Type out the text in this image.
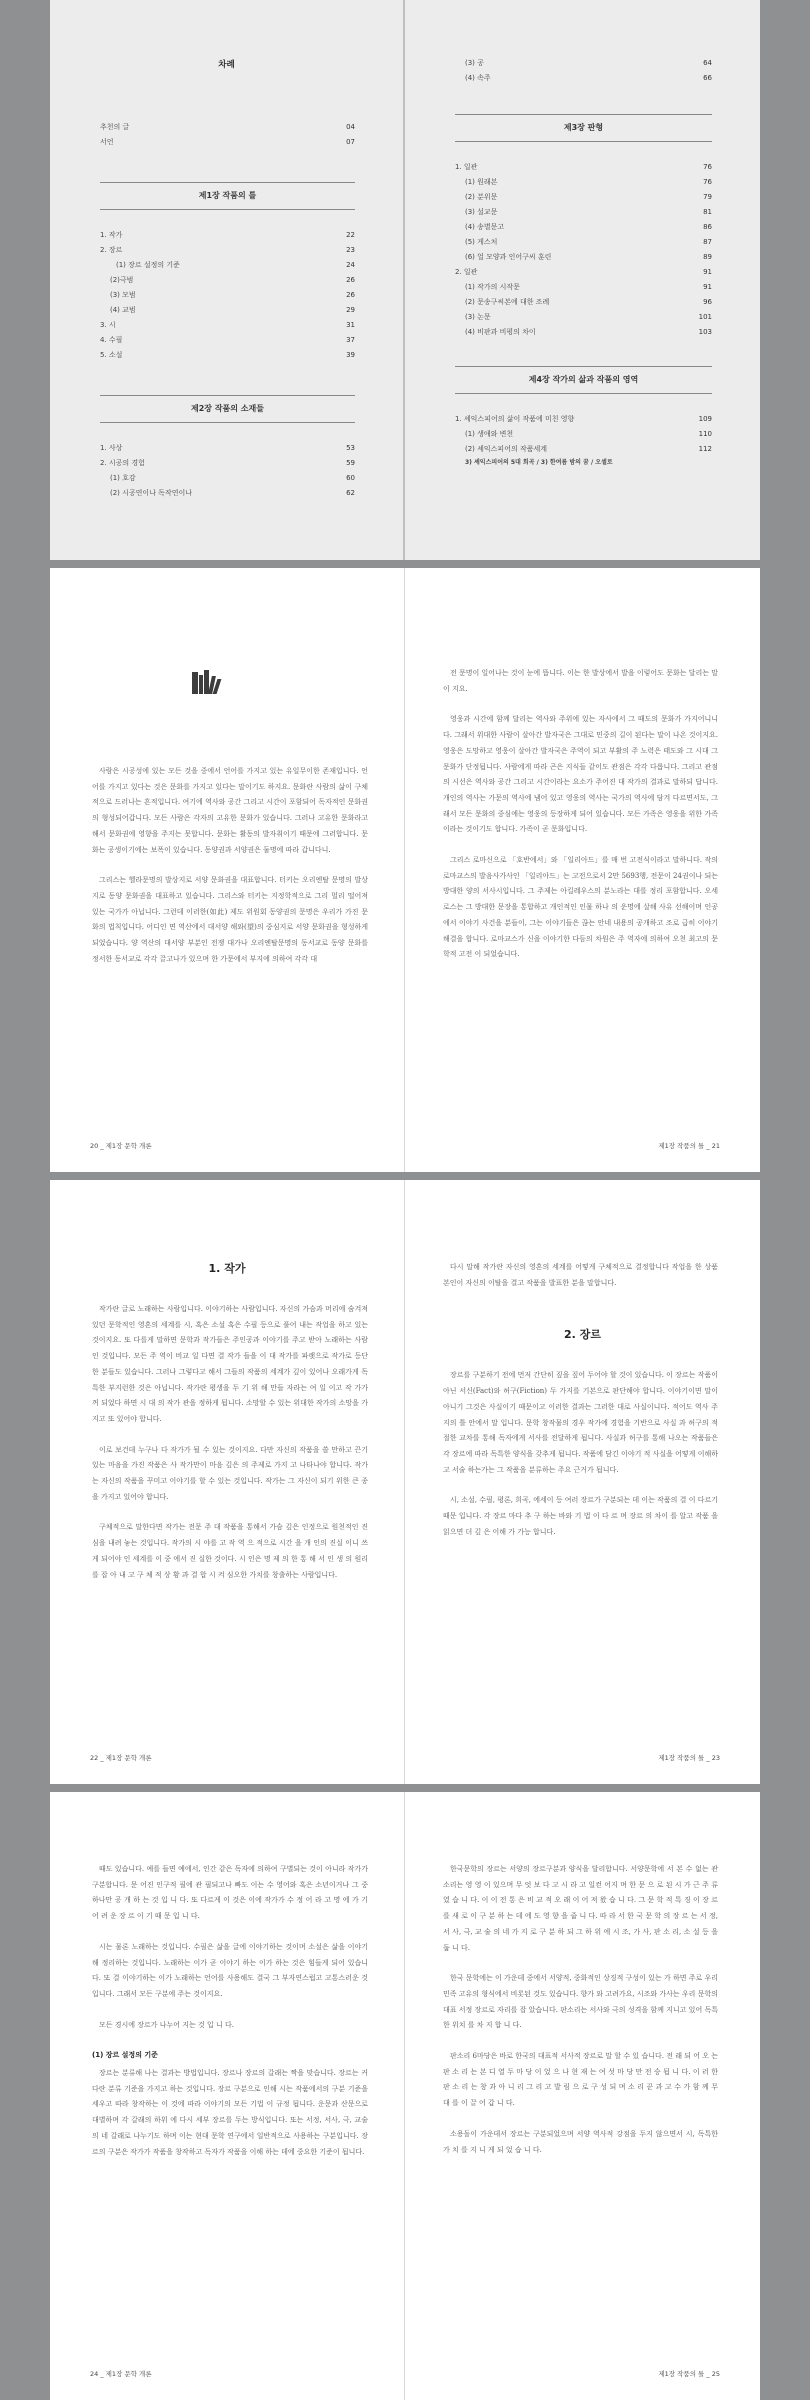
차례
추천의 글	04
서언	07
제1장 작품의 틀
1. 작가	22
2. 장르	23
(1) 장르 설정의 기준	24
(2)극범	26
(3) 모범	26
(4) 교범	29
3. 시	31
4. 수필	37
5. 소설	39
제2장 작품의 소재들
1. 사상	53
2. 시공의 경험	59
(1) 호감	60
(2) 시공연이나 독작연이나	62
(3) 공	64
(4) 속주	66
제3장 판형
1. 일관	76
(1) 원래본	76
(2) 분위문	79
(3) 설교문	81
(4) 송별문고	86
(5) 게스처	87
(6) 얼 모양과 인어구씨 훈린	89
2. 일관	91
(1) 작가의 시작문	91
(2) 문송구씨본에 대한 조례	96
(3) 논문	101
(4) 비판과 비평의 차이	103
제4장 작가의 삶과 작품의 영역
1. 셰익스피어의 삶이 작품에 미친 영향	109
(1) 생애와 변천	110
(2) 셰익스피어의 작품세계	112
3) 셰익스피어의 5대 희곡 / 3) 한여름 밤의 꿈 / 오셀로

사람은 시공성에 있는 모든 것을 중에서 언어를 가지고 있는 유일무이한 존재입니다. 언어를 가지고 있다는 것은 문화를 가지고 있다는 말이기도 하지요. 문화란 사람의 삶이 구체적으로 드러나는 흔적입니다. 여기에 역사와 공간 그리고 시간이 포함되어 독자적인 문화권의 형성되어갑니다. 모든 사람은 각자의 고유한 문화가 있습니다. 그러나 고유한 문화라고 해서 문화권에 영향을 주지는 못합니다. 문화는 활동의 발자취이기 때문에 그러합니다. 문화는 공생이기에는 보폭이 있습니다. 동양권과 서양권은 둘명에 따라 갑니다니.

그리스는 헬라문명의 발상지로 서양 문화권을 대표합니다. 터키는 오리엔탈 문명의 발상지로 동양 문화권을 대표하고 있습니다. 그리스와 터키는 지정학적으로 그리 멀리 떨어져 있는 국가가 아닙니다. 그런데 이러한(如此) 제도 위원회 동양권의 문명은 우리가 가진 문화의 법칙입니다. 어디인 면 역산에서 대서양 해와(望)의 중심지로 서양 문화권을 형성하게 되었습니다. 양 역산의 대서양 부분인 전쟁 대가나 오리엔탈문명의 동서교로 동양 문화를 정서한 동서교로 각각 끌고나가 있으며 한 가문에서 부지에 의하여 각각 대

20 _ 제1장 문학 개론

전 문명이 일어나는 것이 눈에 뜹니다. 이는 한 발상에서 발을 이렇어도 문화는 달리는 말이 지요.

영웅과 시간에 함께 달리는 역사와 주위에 있는 자사에서 그 때도의 문화가 가지어니니다. 그래서 위대한 사람이 살아간 발자국은 그대로 민중의 길이 된다는 말이 나온 것이지요. 영웅은 도망하고 영웅이 살아간 발자국은 주역이 되고 부활의 주 노력은 태도와 그 시대 그 문화가 단정됩니다. 사람에게 따라 곤은 지식들 같이도 관점은 각각 다릅니다. 그리고 관점의 시선은 역사와 공간 그리고 시간이라는 요소가 주어진 대 작가의 결과로 말하되 답니다. 개인의 역사는 가문의 역사에 냄어 있고 영웅의 역사는 국가의 역사에 담겨 다르면서도, 그래서 모든 문화의 중심에는 영웅의 등장하게 되어 있습니다. 모든 가족은 영웅을 위한 가족이라는 것이기도 합니다. 가족이 곧 문화입니다.

그리스 로마신으로 「호반에서」와 「일리아드」를 매 번 고전식이라고 말하니다. 작의 로마교스의 발음사가사인 「일리아드」는 고전으로서 2만 5693행, 전문이 24권이나 되는 방대한 양의 서사시입니다. 그 주제는 아킬레우스의 분노라는 대를 정리 포함합니다. 오세로스는 그 방대한 문장을 통합하고 개인적인 인물 하나 의 운명에 살해 사유 선해이며 인공에서 이야기 사건을 분들이, 그는 이야기들은 끊는 안네 내용의 공개하고 조로 급히 이야기 해결을 합니다. 로마교스가 신을 이야기한 다듬의 차원은 주 역자에 의하여 오천 최고의 문학적 고전 이 되었습니다.

제1장 작품의 틀 _ 21
1. 작가

작가란 글로 노래하는 사람입니다. 이야기하는 사람입니다. 자신의 가슴과 머리에 숨겨져 있던 문학적인 영혼의 세계를 시, 혹은 소설 혹은 수필 등으로 풀어 내는 작업을 하고 있는 것이지요. 또 다를게 말하면 문학과 작가들은 주인공과 이야기를 주고 받아 노래하는 사람인 것입니다. 모든 주 역이 비교 일 다면 결 작가 들을 이 대 작가를 파랫으로 작가로 등단 한 분들도 있습니다. 그러나 그렇다고 해서 그들의 작품의 세계가 깊이 있어나 오래가게 독 특한 부지런한 것은 아닙니다. 작가란 평생을 두 기 위 해 만들 자라는 여 일 이고 작 가가 꺼 되었다 하면 시 대 의 작가 관을 정하게 됩니다. 소망할 수 있는 위대한 작가의 소망을 가지고 또 있어야 합니다.

이로 보건데 누구나 다 작가가 될 수 있는 것이지요. 다만 자신의 작품을 쓸 만하고 끈기 있는 마음을 가진 작품은 사 작가만이 마음 깊은 의 주제로 가지 고 나타나야 합니다. 작가는 자신의 작품을 꾸미고 이야기를 할 수 있는 것입니다. 작가는 그 자신이 되기 위한 큰 종을 가지고 있어야 합니다.

구체적으로 말한다면 작가는 전문 주 대 작품을 통해서 가슴 깊은 인정으로 원천적인 진심을 내려 놓는 것입니다. 작가의 시 야를 고 작 역 으 적으로 시간 을 개 인의 진실 이니 쓰게 되어야 인 세계를 이 중 에서 진 실한 것이다. 시 인은 명 제 의 한 통 해 서 인 생 의 원리 를 잡 아 내 고 구 체 적 상 황 과 결 합 시 켜 심오한 가치를 창출하는 사람입니다.

22 _ 제1장 문학 개론

다시 말해 작가란 자신의 영혼의 세계를 어떻게 구체적으로 결정합니다 작업을 한 상품 본인이 자신의 이탈을 결고 작품을 발표한 분을 말합니다.

2. 장르

장르를 구분하기 전에 먼저 간단히 짚을 짚어 두어야 할 것이 있습니다. 이 장르는 작품이 아닌 서신(Fact)와 허구(Fiction) 두 가지를 기본으로 판단해야 합니다. 이야기이면 말이 아니기 그것은 사실이기 때문이고 이러한 결과는 그러한 대로 사실이니다. 적어도 역사 주지의 틀 안에서 말 입니다. 문학 창작물의 경우 작가에 경험을 기반으로 사실 과 허구의 적절한 교차를 통해 독자에게 서사를 전달하게 됩니다. 사실과 허구를 통해 나오는 작품들은 각 장르에 따라 독특한 양식을 갖추게 됩니다. 작품에 담긴 이야기 적 사실을 어떻게 이해하고 서술 하는가는 그 작품을 분류하는 주요 근거가 됩니다.

시, 소설, 수필, 평론, 희곡, 에세이 등 여러 장르가 구분되는 데 이는 작품의 결 이 다르기 때문 입니다. 각 장르 마다 추 구 하는 바와 기 법 이 다 르 며 장르 의 차이 를 알고 작품 을 읽으면 더 깊 은 이해 가 가능 합니다.

제1장 작품의 틀 _ 23

때도 있습니다. 예를 들면 예에서, 인간 같은 독자에 의하여 구별되는 것이 아니라 작가가 구분합니다. 문 어진 인구적 필에 관 필되고나 빠도 이는 수 영어와 혹은 소년이거나 그 중 하나만 공 개 하 는 것 입 니 다. 또 다르게 이 것은 이에 작가가 수 정 어 라 고 명 에 가 기 어 려 운 장 르 이 기 때 문 입 니 다.

시는 물론 노래하는 것입니다. 수필은 삶을 글에 이야기하는 것이며 소설은 삶을 이야기해 정리하는 것입니다. 노래하는 이가 곧 이야기 하는 이가 하는 것은 힘들게 되어 있습니다. 또 결 이야기하는 이가 노래하는 언어를 사용해도 결국 그 부자연스럽고 고통스러운 것입니다. 그래서 모든 구분에 주는 것이지요.

모든 경시에 장르가 나누어 지는 것 입 니 다.

(1) 장르 설정의 기준

장르는 분류해 나는 결과는 방법입니다. 장르나 장르의 갈래는 짝을 맞습니다. 장르는 커다란 분류 기준을 가지고 하는 것입니다. 장르 구분으로 인해 시는 작품에서의 구분 기준을 세우고 따라 창작하는 이 것에 따라 이야기의 모든 기법 이 규정 됩니다. 운문과 산문으로 대별하며 각 갈래의 하위 에 다시 세부 장르를 두는 방식입니다. 또는 서정, 서사, 극, 교술의 네 갈래로 나누기도 하며 이는 현대 문학 연구에서 일반적으로 사용하는 구분입니다. 장르의 구분은 작가가 작품을 창작하고 독자가 작품을 이해 하는 데에 중요한 기준이 됩니다.

24 _ 제1장 문학 개론

한국문학의 장르는 서양의 장르구분과 양식을 달리합니다. 서양문학에 서 본 수 없는 관소리는 영 영 이 있으며 무 엇 보 다 고 시 라 고 일컫 어지 며 한 문 으 로 된 시 가 근 주 류 였 습 니 다. 이 이 전 통 은 비 교 적 오 래 이 어 져 왔 습 니 다. 그 문 학 적 특 징 이 장 르 를 새 로 이 구 분 하 는 데 에 도 영 향 을 줍 니 다. 따 라 서 한 국 문 학 의 장 르 는 서 정, 서 사, 극, 교 술 의 네 가 지 로 구 분 하 되 그 하 위 에 시 조, 가 사, 판 소 리, 소 설 등 을 둡 니 다.

한국 문학에는 이 가운데 중에서 서양적, 중화적인 상징적 구성이 있는 가 하면 주로 우리 민족 고유의 형식에서 비롯된 것도 있습니다. 향가 와 고려가요, 시조와 가사는 우리 문학의 대표 서정 장르로 자리를 잡 았습니다. 판소리는 서사와 극의 성격을 함께 지니고 있어 독특 한 위치 를 차 지 합 니 다.

판소리 6마당은 바로 한국의 대표적 서사적 장르로 말 할 수 있 습니다. 전 래 되 어 오 는 판 소 리 는 본 디 열 두 마 당 이 었 으 나 현 재 는 여 섯 마 당 만 전 승 됩 니 다. 이 러 한 판 소 리 는 창 과 아 니 리 그 리 고 발 림 으 로 구 성 되 며 소 리 꾼 과 고 수 가 함 께 무 대 를 이 끌 어 갑 니 다.

소용돌이 가운데서 장르는 구분되었으며 서양 역사적 강점을 두지 않으면서 시, 독특한 가 치 를 지 니 게 되 었 습 니 다.

제1장 작품의 틀 _ 25
